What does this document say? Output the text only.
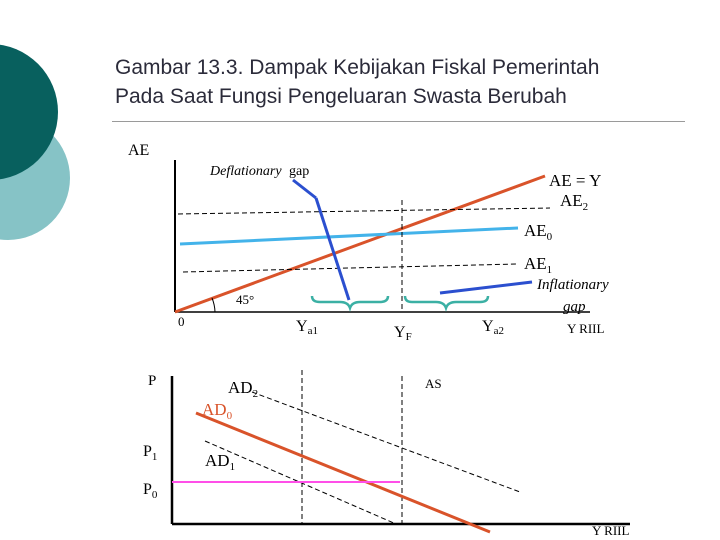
Gambar 13.3. Dampak Kebijakan Fiskal Pemerintah
Pada Saat Fungsi Pengeluaran Swasta Berubah
AE
0
45°
Deflationary gap	AE = Y
$AE_2$
$AE_0$
$AE_1$
Inflationary
gap
Ya1	YF
Ya2	Y RIIL
P
$P_1$
$P_0$
$AD_2$
$AD_0$
$AD_1$
AS
Y RIIL
